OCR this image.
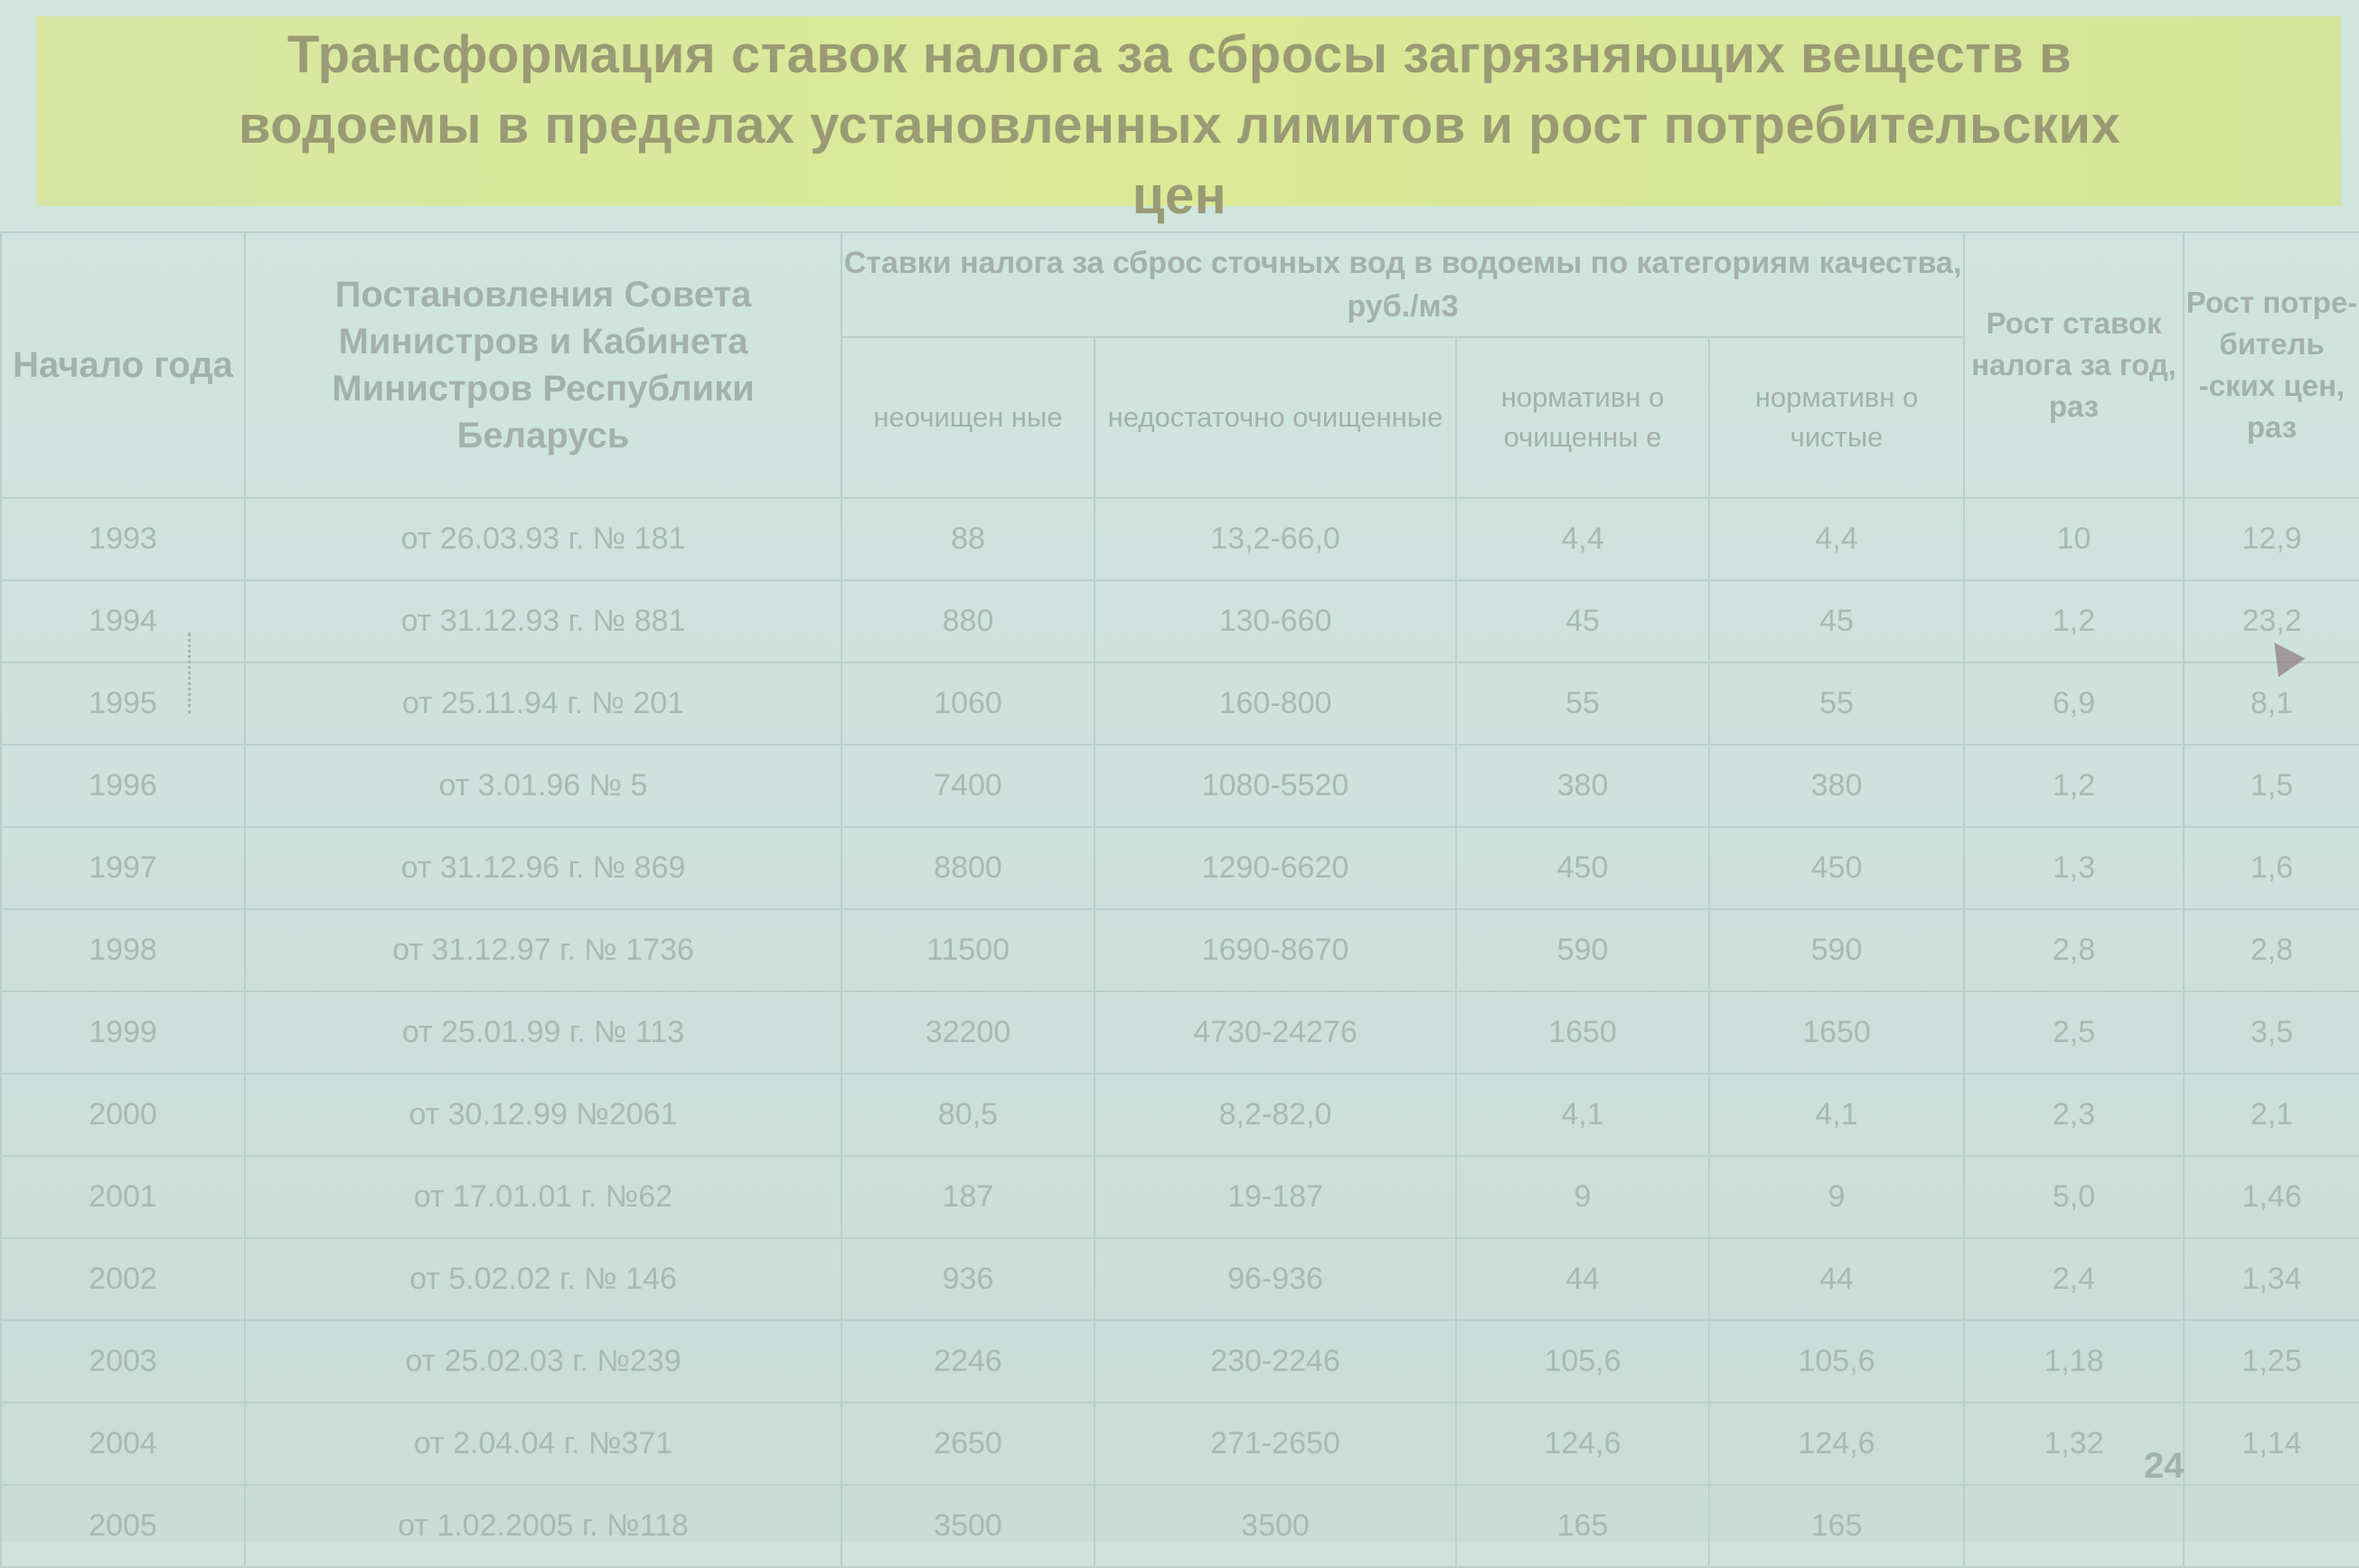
Трансформация ставок налога за сбросы загрязняющих веществ в
водоемы в пределах установленных лимитов и рост потребительских
цен
Начало года	Постановления Совета Министров и Кабинета Министров Республики Беларусь	Ставки налога за сброс сточных вод в водоемы по категориям качества, руб./м3				Рост ставок налога за год, раз	Рост потре- битель -ских цен, раз
		неочищен ные	недостаточно очищенные	нормативн о очищенны е	нормативн о чистые		
1993	от 26.03.93 г. № 181	88	13,2-66,0	4,4	4,4	10	12,9
1994	от 31.12.93 г. № 881	880	130-660	45	45	1,2	23,2
1995	от 25.11.94 г. № 201	1060	160-800	55	55	6,9	8,1
1996	от 3.01.96 № 5	7400	1080-5520	380	380	1,2	1,5
1997	от 31.12.96 г. № 869	8800	1290-6620	450	450	1,3	1,6
1998	от 31.12.97 г. № 1736	11500	1690-8670	590	590	2,8	2,8
1999	от 25.01.99 г. № 113	32200	4730-24276	1650	1650	2,5	3,5
2000	от 30.12.99 №2061	80,5	8,2-82,0	4,1	4,1	2,3	2,1
2001	от 17.01.01 г. №62	187	19-187	9	9	5,0	1,46
2002	от 5.02.02 г. № 146	936	96-936	44	44	2,4	1,34
2003	от 25.02.03 г. №239	2246	230-2246	105,6	105,6	1,18	1,25
2004	от 2.04.04 г. №371	2650	271-2650	124,6	124,6	1,32	1,14
2005	от 1.02.2005 г. №118	3500	3500	165	165		
24
